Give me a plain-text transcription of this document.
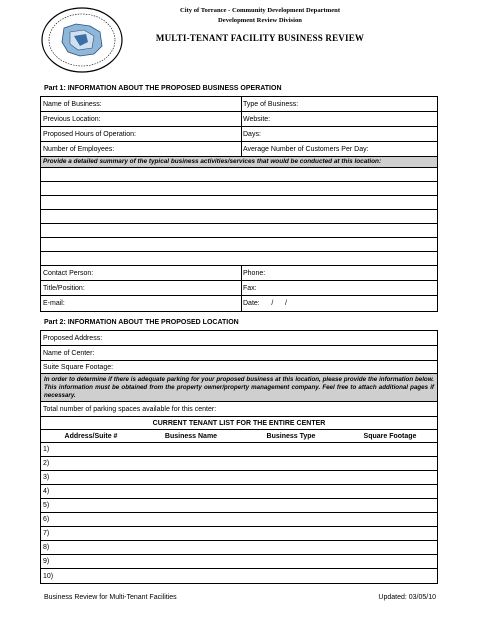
City of Torrance - Community Development Department
Development Review Division
MULTI-TENANT FACILITY BUSINESS REVIEW
Part 1: INFORMATION ABOUT THE PROPOSED BUSINESS OPERATION
Name of Business:	Type of Business:
Previous Location:	Website:
Proposed Hours of Operation:	Days:
Number of Employees:	Average Number of Customers Per Day:
Provide a detailed summary of the typical business activities/services that would be conducted at this location:
Contact Person:	Phone:
Title/Position:	Fax:
E-mail:	Date:      /      /
Part 2: INFORMATION ABOUT THE PROPOSED LOCATION
Proposed Address:
Name of Center:
Suite Square Footage:
In order to determine if there is adequate parking for your proposed business at this location, please provide the information below. This information must be obtained from the property owner/property management company. Feel free to attach additional pages if necessary.
Total number of parking spaces available for this center:
CURRENT TENANT LIST FOR THE ENTIRE CENTER
Address/Suite #	Business Name	Business Type	Square Footage
1)
2)
3)
4)
5)
6)
7)
8)
9)
10)
Business Review for Multi-Tenant Facilities	Updated: 03/05/10
